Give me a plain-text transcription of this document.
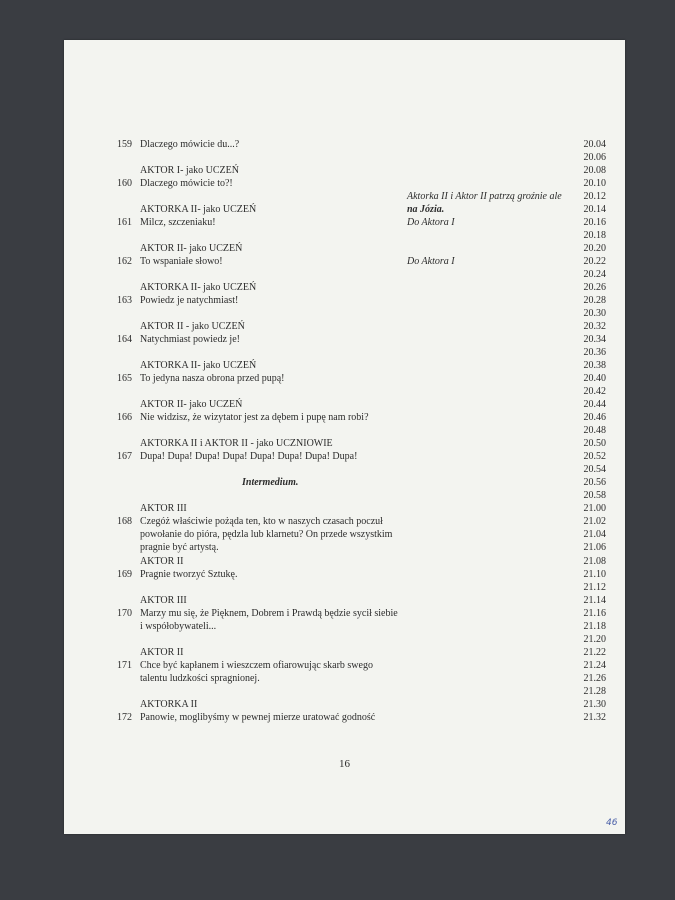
159 Dlaczego mówicie du...?	20.04
20.06
AKTOR I- jako UCZEŃ	20.08
160 Dlaczego mówicie to?!	20.10
Aktorka II i Aktor II patrzą groźnie ale	20.12
AKTORKA II- jako UCZEŃ	na Józia.	20.14
161 Milcz, szczeniaku!	Do Aktora I	20.16
20.18
AKTOR II- jako UCZEŃ	20.20
162 To wspaniałe słowo!	Do Aktora I	20.22
20.24
AKTORKA II- jako UCZEŃ	20.26
163 Powiedz je natychmiast!	20.28
20.30
AKTOR II - jako UCZEŃ	20.32
164 Natychmiast powiedz je!	20.34
20.36
AKTORKA II- jako UCZEŃ	20.38
165 To jedyna nasza obrona przed pupą!	20.40
20.42
AKTOR II- jako UCZEŃ	20.44
166 Nie widzisz, że wizytator jest za dębem i pupę nam robi?	20.46
20.48
AKTORKA II i AKTOR II - jako UCZNIOWIE	20.50
167 Dupa! Dupa! Dupa! Dupa! Dupa! Dupa! Dupa! Dupa!	20.52
20.54
Intermedium.	20.56
20.58
AKTOR III	21.00
168 Czegóż właściwie pożąda ten, kto w naszych czasach poczuł	21.02
powołanie do pióra, pędzla lub klarnetu? On przede wszystkim	21.04
pragnie być artystą.	21.06
AKTOR II	21.08
169 Pragnie tworzyć Sztukę.	21.10
21.12
AKTOR III	21.14
170 Marzy mu się, że Pięknem, Dobrem i Prawdą będzie sycił siebie	21.16
i współobywateli...	21.18
21.20
AKTOR II	21.22
171 Chce być kapłanem i wieszczem ofiarowując skarb swego	21.24
talentu ludzkości spragnionej.	21.26
21.28
AKTORKA II	21.30
172 Panowie, moglibyśmy w pewnej mierze uratować godność	21.32
16
46
